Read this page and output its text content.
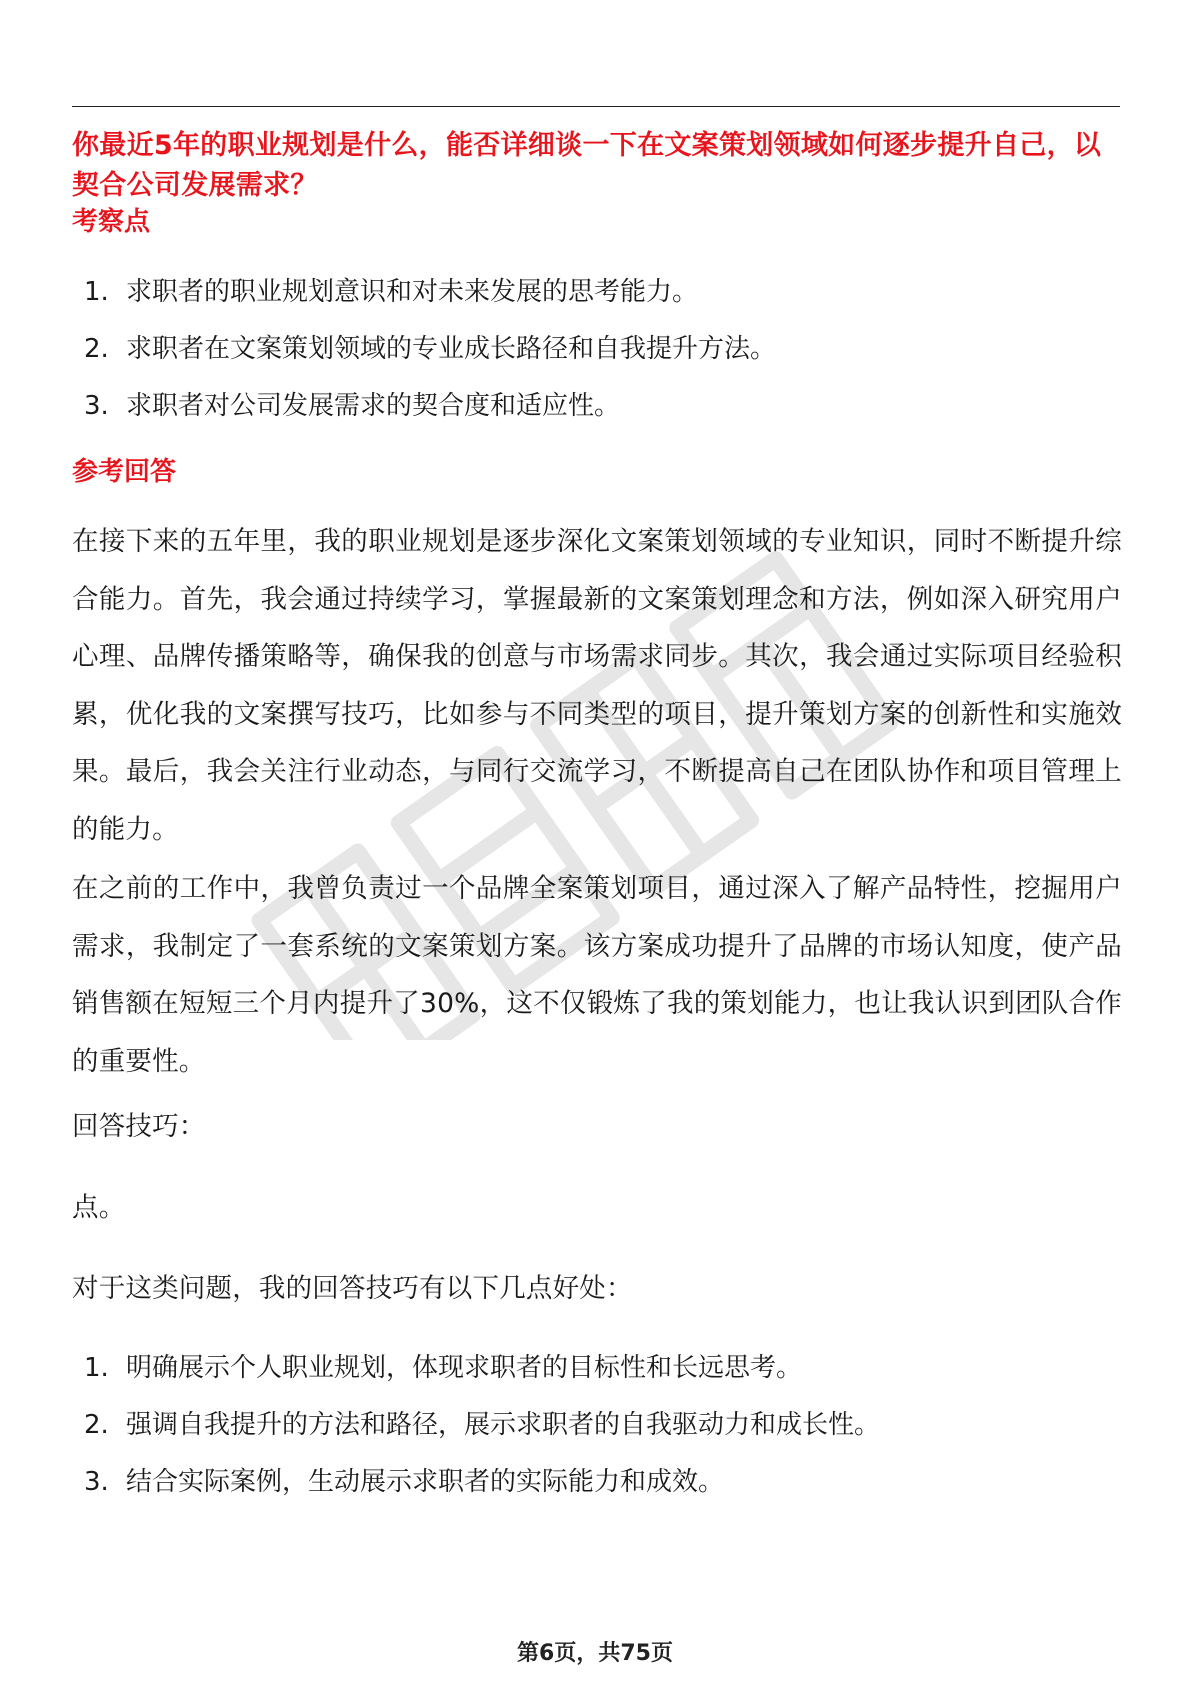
你最近5年的职业规划是什么，能否详细谈一下在文案策划领域如何逐步提升自己，以契合公司发展需求？
考察点
1. 求职者的职业规划意识和对未来发展的思考能力。
2. 求职者在文案策划领域的专业成长路径和自我提升方法。
3. 求职者对公司发展需求的契合度和适应性。
参考回答

在接下来的五年里，我的职业规划是逐步深化文案策划领域的专业知识，同时不断提升综合能力。首先，我会通过持续学习，掌握最新的文案策划理念和方法，例如深入研究用户心理、品牌传播策略等，确保我的创意与市场需求同步。其次，我会通过实际项目经验积累，优化我的文案撰写技巧，比如参与不同类型的项目，提升策划方案的创新性和实施效果。最后，我会关注行业动态，与同行交流学习，不断提高自己在团队协作和项目管理上的能力。

在之前的工作中，我曾负责过一个品牌全案策划项目，通过深入了解产品特性，挖掘用户需求，我制定了一套系统的文案策划方案。该方案成功提升了品牌的市场认知度，使产品销售额在短短三个月内提升了30%，这不仅锻炼了我的策划能力，也让我认识到团队合作的重要性。

回答技巧：

点。

对于这类问题，我的回答技巧有以下几点好处：

1. 明确展示个人职业规划，体现求职者的目标性和长远思考。
2. 强调自我提升的方法和路径，展示求职者的自我驱动力和成长性。
3. 结合实际案例，生动展示求职者的实际能力和成效。
第6页，共75页
